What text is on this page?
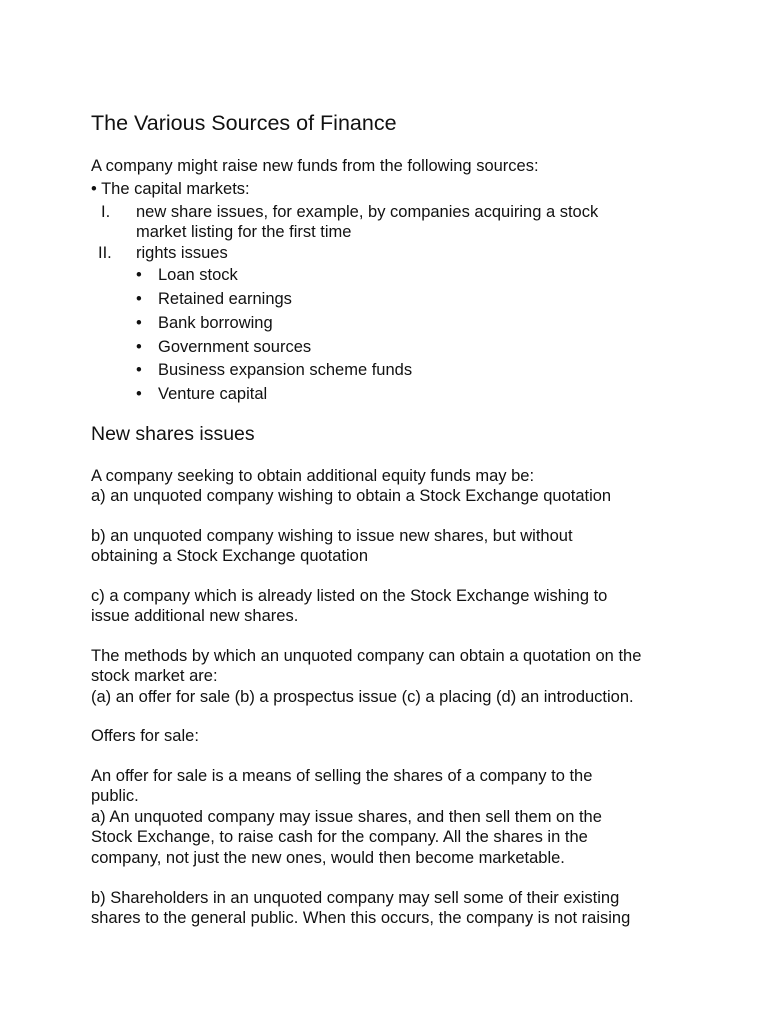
The Various Sources of Finance
A company might raise new funds from the following sources:
• The capital markets:
I. new share issues, for example, by companies acquiring a stock
market listing for the first time
II. rights issues
• Loan stock
• Retained earnings
• Bank borrowing
• Government sources
• Business expansion scheme funds
• Venture capital
New shares issues
A company seeking to obtain additional equity funds may be:
a) an unquoted company wishing to obtain a Stock Exchange quotation
b) an unquoted company wishing to issue new shares, but without
obtaining a Stock Exchange quotation
c) a company which is already listed on the Stock Exchange wishing to
issue additional new shares.
The methods by which an unquoted company can obtain a quotation on the
stock market are:
(a) an offer for sale (b) a prospectus issue (c) a placing (d) an introduction.
Offers for sale:
An offer for sale is a means of selling the shares of a company to the
public.
a) An unquoted company may issue shares, and then sell them on the
Stock Exchange, to raise cash for the company. All the shares in the
company, not just the new ones, would then become marketable.
b) Shareholders in an unquoted company may sell some of their existing
shares to the general public. When this occurs, the company is not raising
